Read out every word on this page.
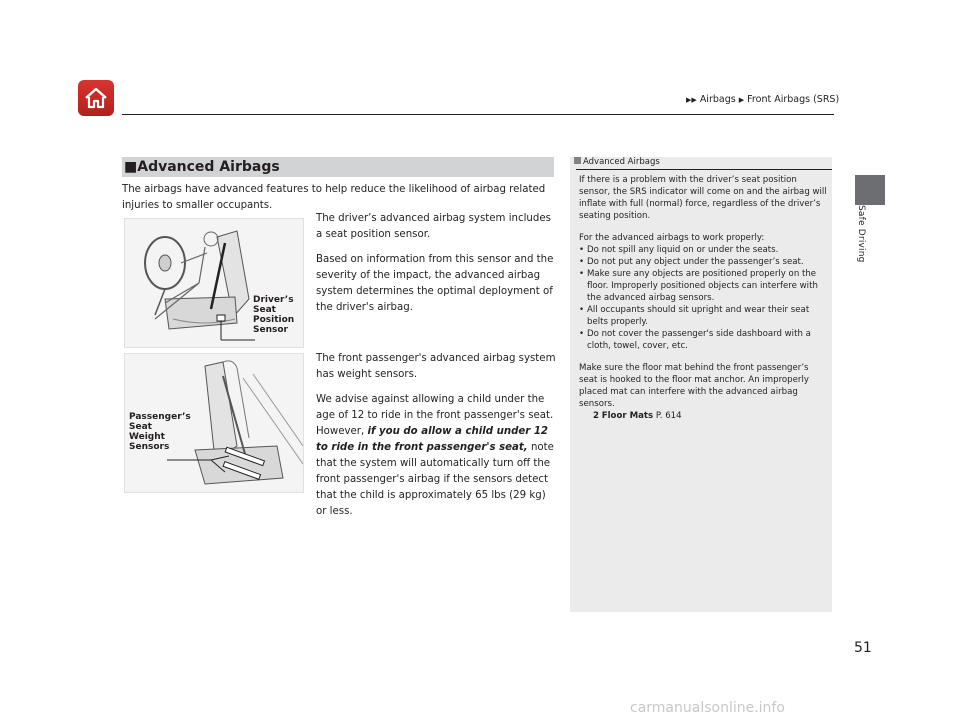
▶▶ Airbags ▶ Front Airbags (SRS)
Safe Driving
■Advanced Airbags
The airbags have advanced features to help reduce the likelihood of airbag related injuries to smaller occupants.
Driver’s
Seat
Position
Sensor
Passenger’s
Seat
Weight
Sensors

The driver’s advanced airbag system includes a seat position sensor.

Based on information from this sensor and the severity of the impact, the advanced airbag system determines the optimal deployment of the driver's airbag.

The front passenger's advanced airbag system has weight sensors.

We advise against allowing a child under the age of 12 to ride in the front passenger's seat. However, if you do allow a child under 12 to ride in the front passenger's seat, note that the system will automatically turn off the front passenger's airbag if the sensors detect that the child is approximately 65 lbs (29 kg) or less.

Advanced Airbags

If there is a problem with the driver’s seat position sensor, the SRS indicator will come on and the airbag will inflate with full (normal) force, regardless of the driver’s seating position.

For the advanced airbags to work properly:
• Do not spill any liquid on or under the seats.
• Do not put any object under the passenger’s seat.
• Make sure any objects are positioned properly on the floor. Improperly positioned objects can interfere with the advanced airbag sensors.
• All occupants should sit upright and wear their seat belts properly.
• Do not cover the passenger's side dashboard with a cloth, towel, cover, etc.
Make sure the floor mat behind the front passenger’s seat is hooked to the floor mat anchor. An improperly placed mat can interfere with the advanced airbag sensors.
2 Floor Mats P. 614
51
carmanualsonline.info
